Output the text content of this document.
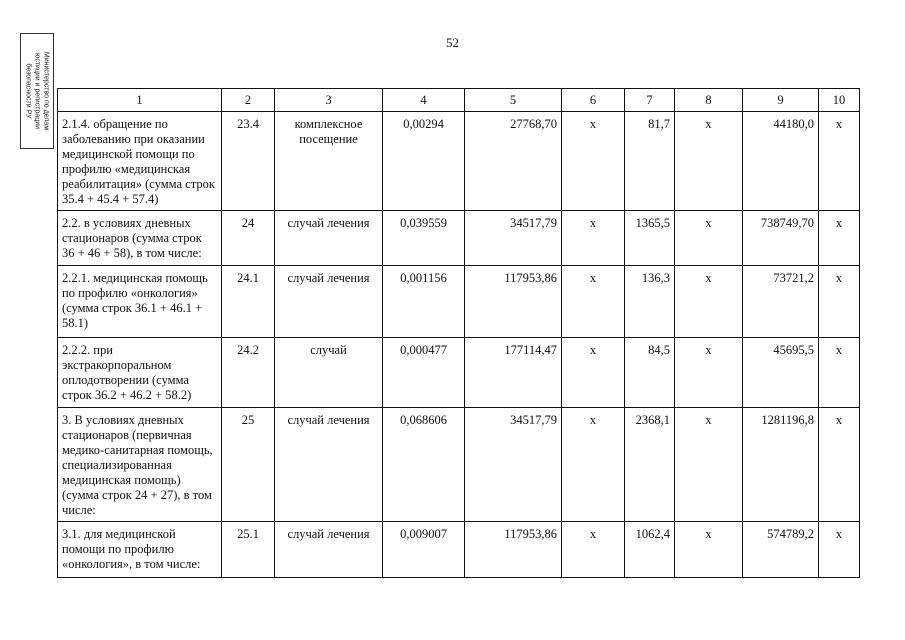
52
Министерство по делам
юстиции и регистрации
безопасности РУ	1	2	3	4	5	6	7	8	9	10
2.1.4. обращение по заболеванию при оказании медицинской помощи по профилю «медицинская реабилитация» (сумма строк 35.4 + 45.4 + 57.4)	23.4	комплексное посещение	0,00294	27768,70	х	81,7	х	44180,0	х
2.2. в условиях дневных стационаров (сумма строк 36 + 46 + 58), в том числе:	24	случай лечения	0,039559	34517,79	х	1365,5	х	738749,70	х
2.2.1. медицинская помощь по профилю «онкология» (сумма строк 36.1 + 46.1 + 58.1)	24.1	случай лечения	0,001156	117953,86	х	136,3	х	73721,2	х
2.2.2. при экстракорпоральном оплодотворении (сумма строк 36.2 + 46.2 + 58.2)	24.2	случай	0,000477	177114,47	х	84,5	х	45695,5	х
3. В условиях дневных стационаров (первичная медико-санитарная помощь, специализированная медицинская помощь) (сумма строк 24 + 27), в том числе:	25	случай лечения	0,068606	34517,79	х	2368,1	х	1281196,8	х
3.1. для медицинской помощи по профилю «онкология», в том числе:	25.1	случай лечения	0,009007	117953,86	х	1062,4	х	574789,2	х
